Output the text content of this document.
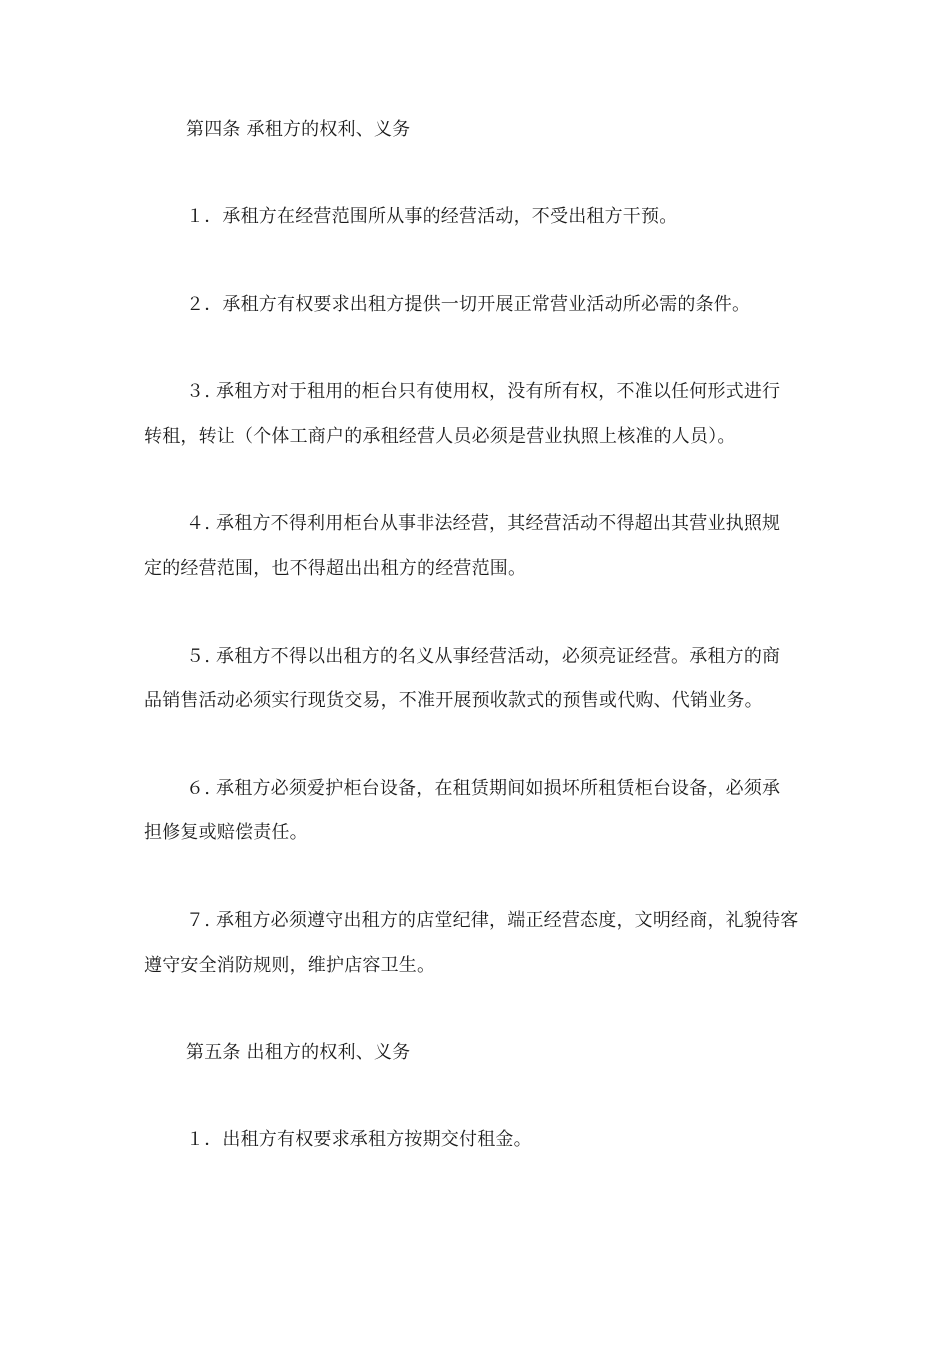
第四条 承租方的权利、义务
１．承租方在经营范围所从事的经营活动，不受出租方干预。
２．承租方有权要求出租方提供一切开展正常营业活动所必需的条件。
３. 承租方对于租用的柜台只有使用权，没有所有权，不准以任何形式进行
转租，转让（个体工商户的承租经营人员必须是营业执照上核准的人员）。
４. 承租方不得利用柜台从事非法经营，其经营活动不得超出其营业执照规
定的经营范围，也不得超出出租方的经营范围。
５. 承租方不得以出租方的名义从事经营活动，必须亮证经营。承租方的商
品销售活动必须实行现货交易，不准开展预收款式的预售或代购、代销业务。
６. 承租方必须爱护柜台设备，在租赁期间如损坏所租赁柜台设备，必须承
担修复或赔偿责任。
７. 承租方必须遵守出租方的店堂纪律，端正经营态度，文明经商，礼貌待客
遵守安全消防规则，维护店容卫生。
第五条 出租方的权利、义务
１．出租方有权要求承租方按期交付租金。
